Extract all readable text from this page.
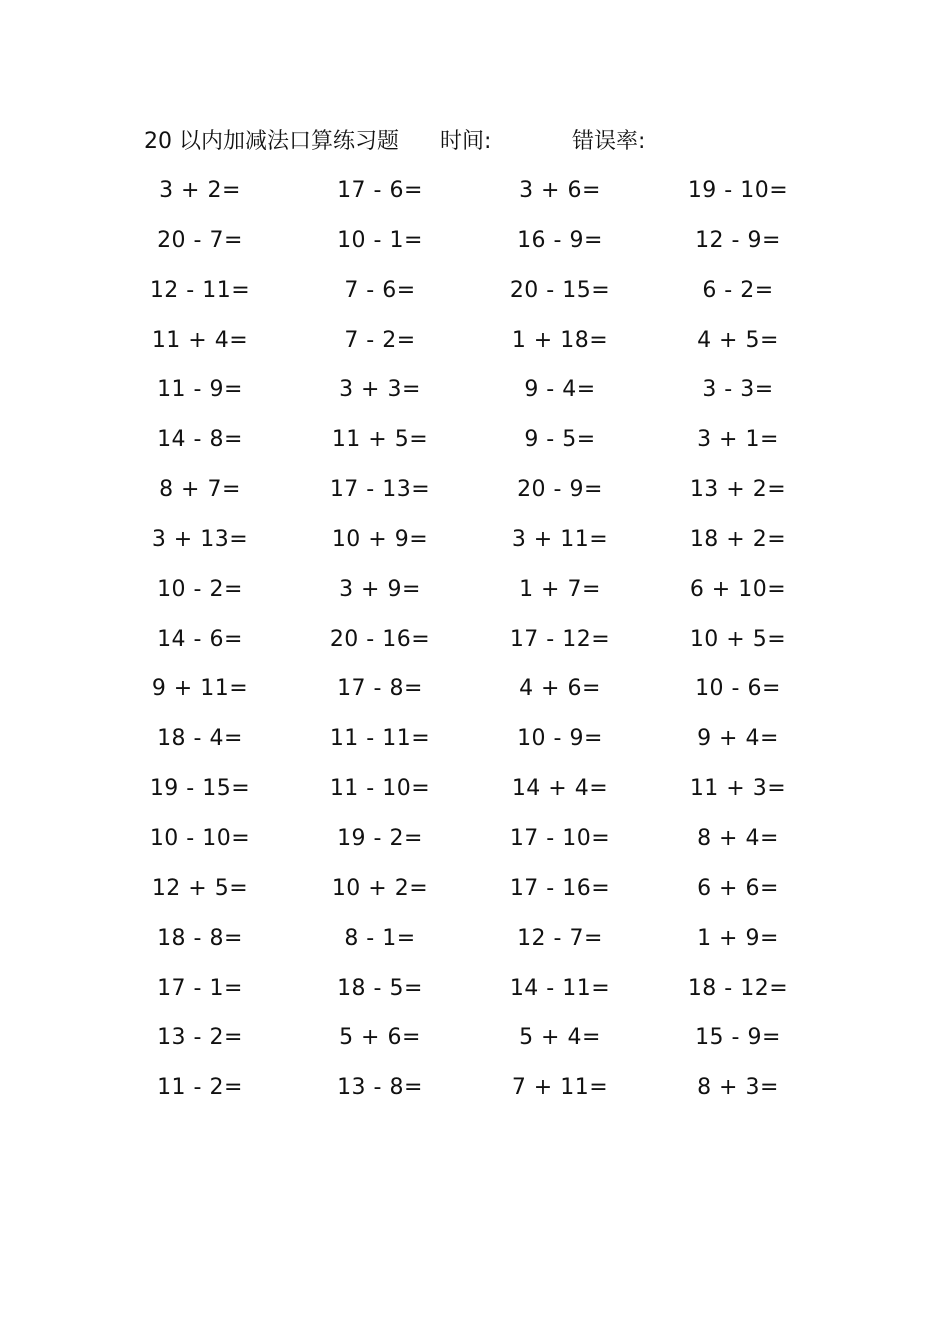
20 以内加减法口算练习题 时间:	错误率:
3 + 2=	17 - 6=	3 + 6=	19 - 10=
20 - 7=	10 - 1=	16 - 9=	12 - 9=
12 - 11=	7 - 6=	20 - 15=	6 - 2=
11 + 4=	7 - 2=	1 + 18=	4 + 5=
11 - 9=	3 + 3=	9 - 4=	3 - 3=
14 - 8=	11 + 5=	9 - 5=	3 + 1=
8 + 7=	17 - 13=	20 - 9=	13 + 2=
3 + 13=	10 + 9=	3 + 11=	18 + 2=
10 - 2=	3 + 9=	1 + 7=	6 + 10=
14 - 6=	20 - 16=	17 - 12=	10 + 5=
9 + 11=	17 - 8=	4 + 6=	10 - 6=
18 - 4=	11 - 11=	10 - 9=	9 + 4=
19 - 15=	11 - 10=	14 + 4=	11 + 3=
10 - 10=	19 - 2=	17 - 10=	8 + 4=
12 + 5=	10 + 2=	17 - 16=	6 + 6=
18 - 8=	8 - 1=	12 - 7=	1 + 9=
17 - 1=	18 - 5=	14 - 11=	18 - 12=
13 - 2=	5 + 6=	5 + 4=	15 - 9=
11 - 2=	13 - 8=	7 + 11=	8 + 3=
